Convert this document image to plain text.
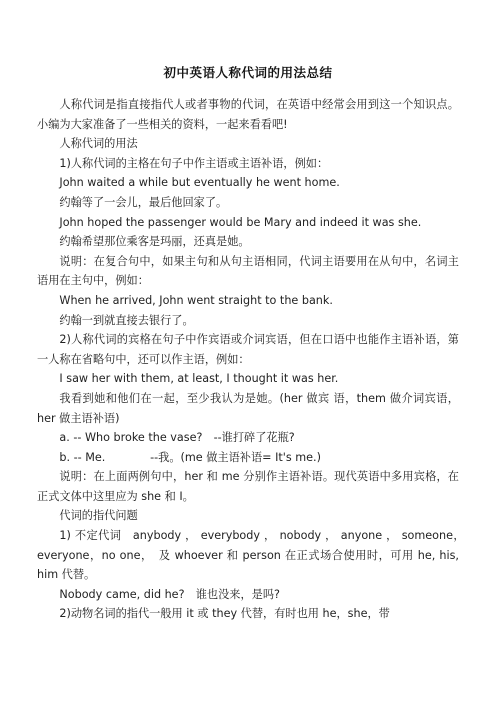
初中英语人称代词的用法总结

人称代词是指直接指代人或者事物的代词，在英语中经常会用到这一个知识点。小编为大家准备了一些相关的资料，一起来看看吧!

人称代词的用法

1)人称代词的主格在句子中作主语或主语补语，例如：

John waited a while but eventually he went home.

约翰等了一会儿，最后他回家了。

John hoped the passenger would be Mary and indeed it was she.

约翰希望那位乘客是玛丽，还真是她。

说明：在复合句中，如果主句和从句主语相同，代词主语要用在从句中，名词主语用在主句中，例如：

When he arrived, John went straight to the bank.

约翰一到就直接去银行了。

2)人称代词的宾格在句子中作宾语或介词宾语，但在口语中也能作主语补语，第一人称在省略句中，还可以作主语，例如：

I saw her with them, at least, I thought it was her.

我看到她和他们在一起，至少我认为是她。(her 做宾 语，them 做介词宾语，her 做主语补语)

a. -- Who broke the vase?　--谁打碎了花瓶?

b. -- Me.　　　　--我。(me 做主语补语= It's me.)

说明：在上面两例句中，her 和 me 分别作主语补语。现代英语中多用宾格，在正式文体中这里应为 she 和 I。

代词的指代问题

1) 不定代词　anybody ， everybody ， nobody ， anyone ， someone，　everyone，no one，　及 whoever 和 person 在正式场合使用时，可用 he, his, him 代替。

Nobody came, did he?　谁也没来，是吗?

2)动物名词的指代一般用 it 或 they 代替，有时也用 he，she，带
